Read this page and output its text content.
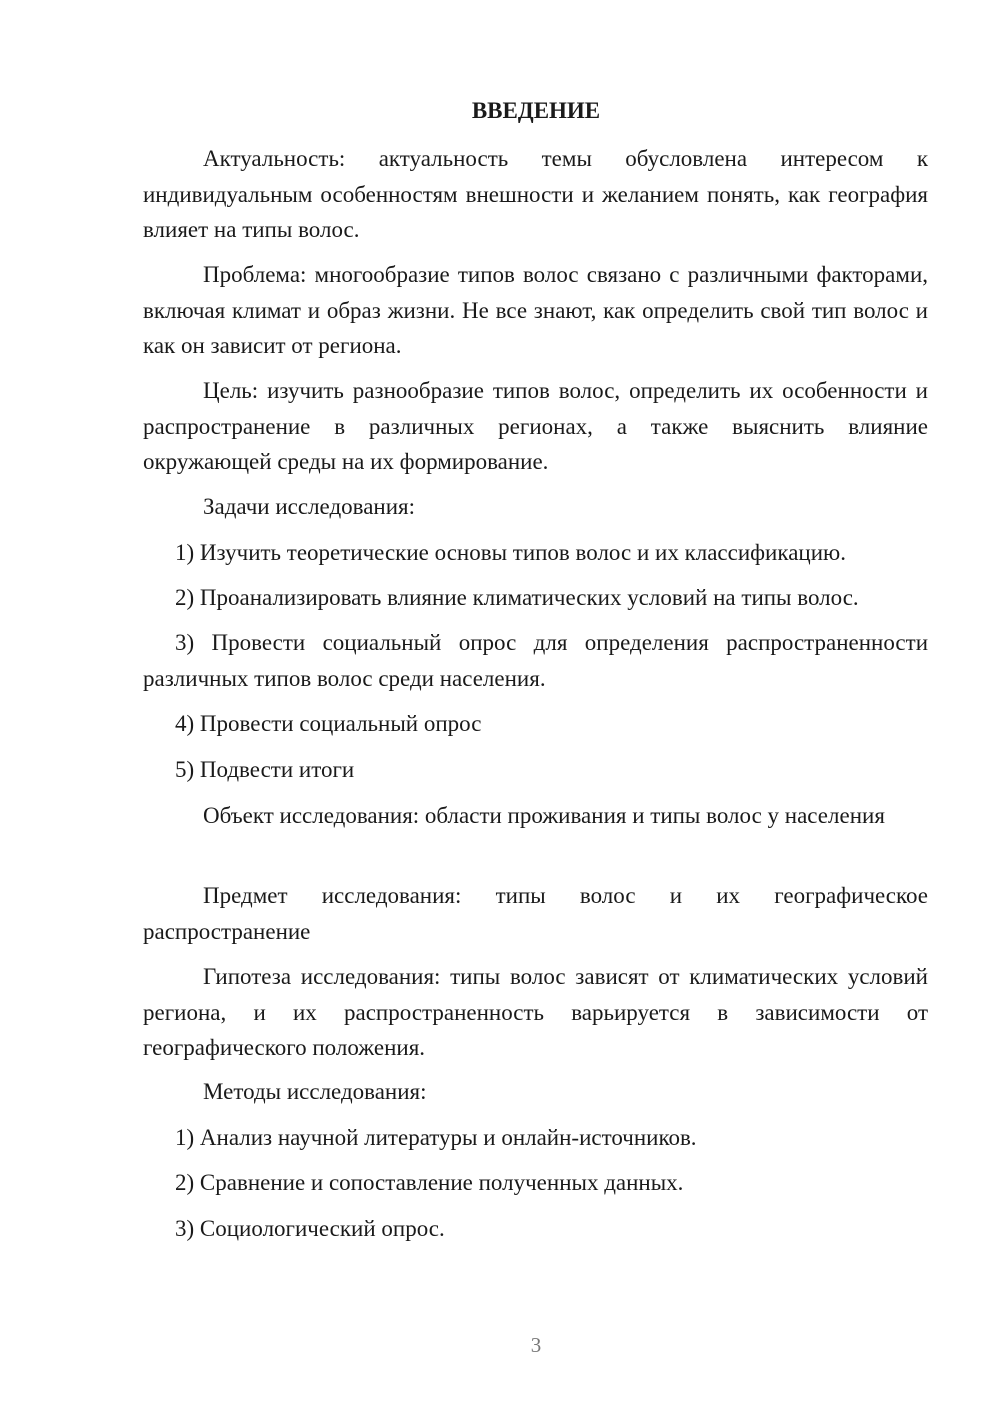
ВВЕДЕНИЕ

Актуальность: актуальность темы обусловлена интересом к индивидуальным особенностям внешности и желанием понять, как география влияет на типы волос.

Проблема: многообразие типов волос связано с различными факторами, включая климат и образ жизни. Не все знают, как определить свой тип волос и как он зависит от региона.

Цель: изучить разнообразие типов волос, определить их особенности и распространение в различных регионах, а также выяснить влияние окружающей среды на их формирование.

Задачи исследования:

1) Изучить теоретические основы типов волос и их классификацию.

2) Проанализировать влияние климатических условий на типы волос.

3) Провести социальный опрос для определения распространенности различных типов волос среди населения.

4) Провести социальный опрос

5) Подвести итоги

Объект исследования: области проживания и типы волос у населения

Предмет исследования: типы волос и их географическое распространение

Гипотеза исследования: типы волос зависят от климатических условий региона, и их распространенность варьируется в зависимости от географического положения.

Методы исследования:

1) Анализ научной литературы и онлайн-источников.

2) Сравнение и сопоставление полученных данных.

3) Социологический опрос.

3
